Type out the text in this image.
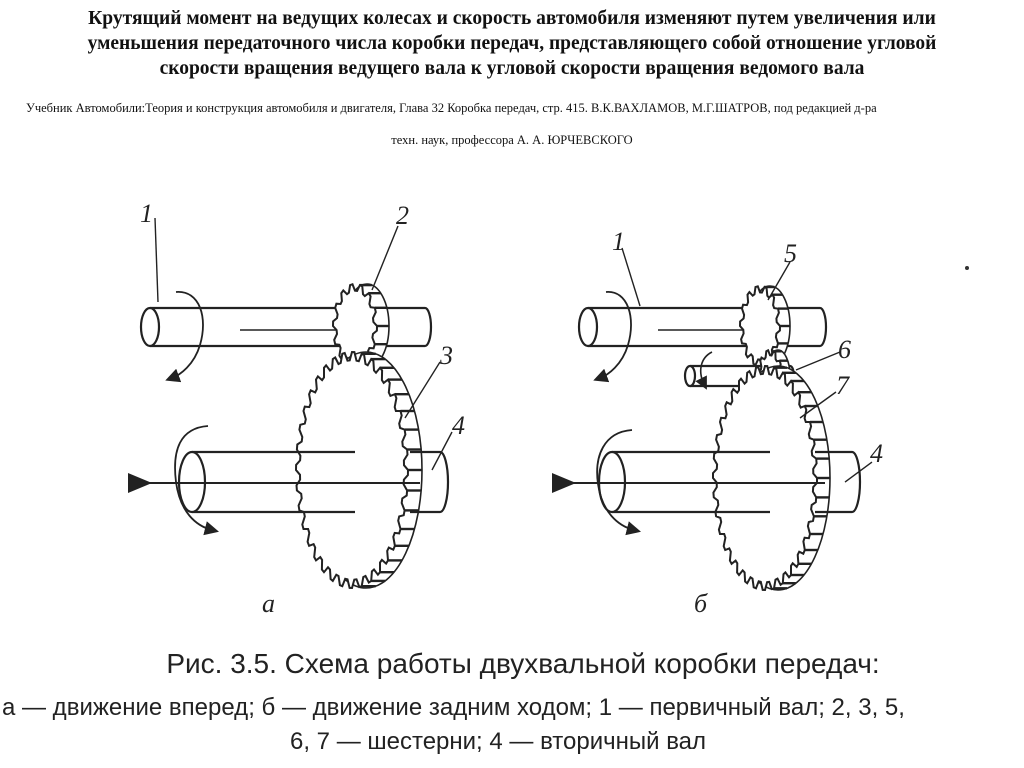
Крутящий момент на ведущих колесах и скорость автомобиля изменяют путем увеличения или
уменьшения передаточного числа коробки передач, представляющего собой отношение угловой
скорости вращения ведущего вала к угловой скорости вращения ведомого вала
Учебник Автомобили:Теория и конструкция автомобиля и двигателя, Глава 32 Коробка передач, стр. 415. В.К.ВАХЛАМОВ, М.Г.ШАТРОВ, под редакцией д-ра
техн. наук, профессора А. А. ЮРЧЕВСКОГО
1	2
3
4
а
1	5
6
7
4
б
Рис. 3.5. Схема работы двухвальной коробки передач:
а — движение вперед; б — движение задним ходом; 1 — первичный вал; 2, 3, 5,
6, 7 — шестерни; 4 — вторичный вал
